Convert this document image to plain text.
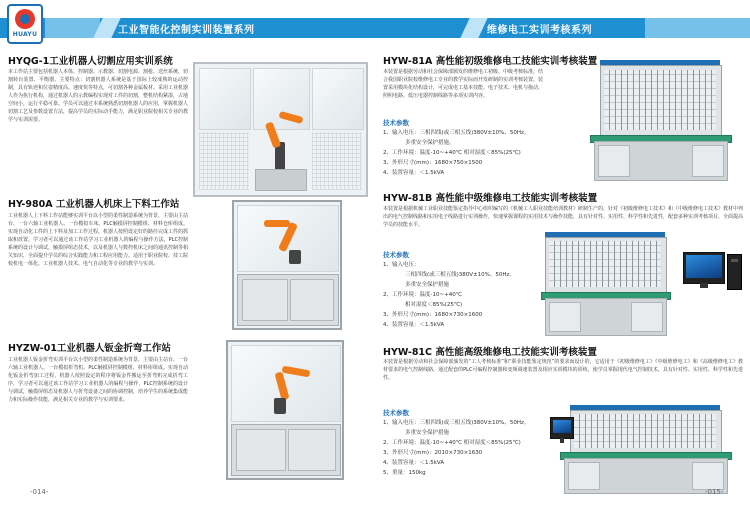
工业智能化控制实训装置系列
HUAYU
HYQG-1工业机器人切割应用实训系统
本工作站主要包括机器人本体、控制器、示教器、切割电源、割枪、送丝系统、切割转台装置、平衡器。主要特点：切割机器人系统是基于国际上较成熟的运动控制，具有轨迹和位姿精度高、速度快等特点，可切割各种金属板材。采用工业机器人作为执行机构，通过机器人的示教编程实现对工件的切割，整机结构紧凑，占地空间小，运行平稳可靠。学员可以通过本系统熟悉切割机器人的应用，掌握机器人切割工艺及参数设置方法，提高学员的实际动手能力，满足职业院校相关专业的教学与实训需要。
HY-980A 工业机器人机床上下料工作站
工业机器人上下料工作站能够实训平台以小型的柔性制造系统为背景，主要由主站台、一台六轴工业机器人、一台模拟车床、PLC触摸屏控制模组、材料仓库组成。实现自动化工件的上下料及加工工作过程，机器人按照设定好的路径完成工件的抓取和放置，学习者可以通过该工作站学习工业机器人的编程与操作方法，PLC控制系统的设计与调试，触摸屏组态技术，以及机器人与数控机床之间的通讯控制等相关知识，全面提升学员的综合实践能力和工程应用能力。适用于职业院校、技工院校机电一体化、工业机器人技术、电气自动化等专业的教学与实训。
HYZW-01工业机器人钣金折弯工作站
工业机器人钣金折弯实训平台以小型的柔性制造系统为背景，主要由主站台、一台六轴工业机器人、一台模拟折弯机、PLC触摸屏控制模组、材料库组成。实现自动化钣金折弯加工过程，机器人按照设定的程序将钣金件搬运至折弯机完成折弯工序，学习者可以通过该工作站学习工业机器人的编程与操作，PLC控制系统的设计与调试，触摸屏组态及机器人与折弯设备之间的协调控制，培养学生的系统集成能力和实际操作技能，满足相关专业的教学与实训要求。
-014-
维修电工实训考核系列
HYW-81A 高性能初级维修电工技能实训考核装置
本装置是根据劳动和社会保障部颁发的维修电工初级、中级考核标准，结合我国职业院校维修电工专业的教学实际而开发研制的实训考核装置。装置采用模块化结构设计，可完成电工基本技能、电子技术、电机与拖动、照明电路、低压电器控制线路等多项实训内容。
技术参数
1、输入电压：三相四线(或三相五线)380V±10%、50Hz。
多重安全保护措施。
2、工作环境：温度-10~+40℃ 相对湿度＜85%(25℃)
3、外形尺寸(mm)：1680×750×1500
4、装置容量：＜1.5kVA
HYW-81B 高性能中级维修电工技能实训考核装置
本装置是根据机械工业职业技能鉴定指导中心组织编写的《机械工人职业技能培训教材》研制生产的，针对《初级维修电工技术》和《中级维修电工技术》教材中列出的电气控制线路和实用电子线路进行实训操作，快速掌握课程的实用技术与操作技能，具有针对性、实用性、科学性和先进性，配套多种实训考核项目，全面提高学员的技能水平。
技术参数
1、输入电压：
三相四线(或三相五线)380V±10%、50Hz。
多重安全保护措施
2、工作环境：温度-10~+40℃
相对湿度＜85%(25℃)
3、外形尺寸(mm)：1680×730×1600
4、装置容量：＜1.5kVA
HYW-81C 高性能高级维修电工技能实训考核装置
本装置是根据劳动和社会保障部颁发的“工人考核标准”和“职业技能鉴定规范”的要求而设计的，它适用于《初级维修电工》《中级维修电工》和《高级维修电工》教材要求的电气控制线路，通过配套的PLC可编程控制器和变频调速装置及相应实训模块的训练，使学员掌握现代电气控制技术，具有针对性、实用性、科学性和先进性。
技术参数
1、输入电压：三相四线(或三相五线)380V±10%、50Hz。
多重安全保护措施
2、工作环境：温度-10~+40℃ 相对湿度＜85%(25℃)
3、外形尺寸(mm)：2010×730×1630
4、装置容量：＜1.5kVA
5、重量：150kg
-015-
